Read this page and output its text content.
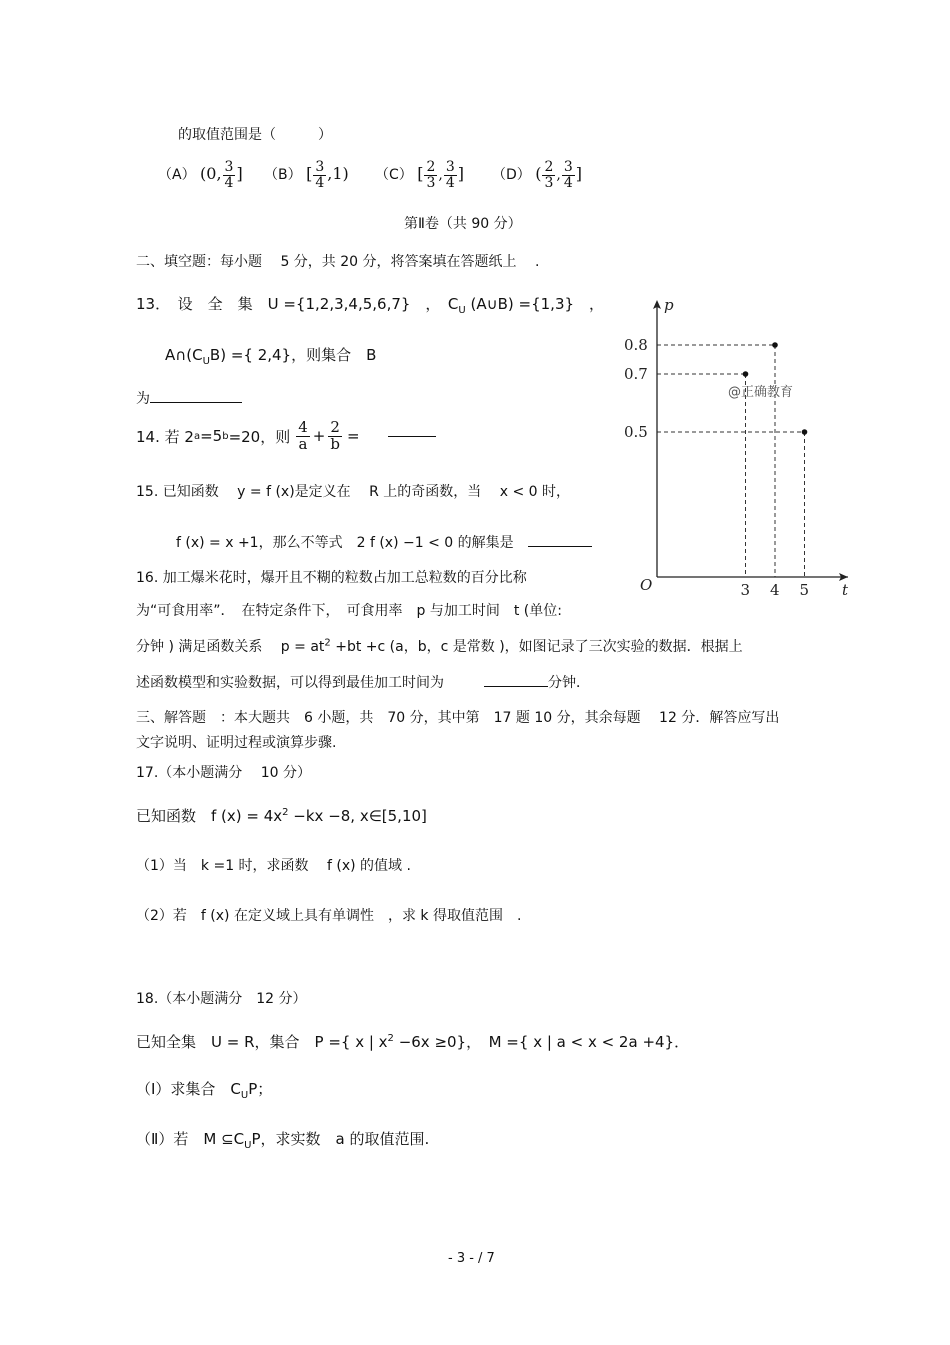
的取值范围是（　　　）
（A） (0, $\frac{3}{4}$ ] （B） [ $\frac{3}{4} ,1$) （C） [ $\frac{2}{3}$ , $\frac{3}{4}$ ] （D） ( $\frac{2}{3}$ , $\frac{3}{4}$ ]
第Ⅱ卷（共 90 分）
二、填空题：每小题　 5 分，共 20 分，将答案填在答题纸上　 .
13．　设　全　集　U ={1,2,3,4,5,6,7}　，　$C_U$ (A∪B) ={1,3}　，
$A\cap(C_UB)$ ={ 2,4}，则集合　B
为
14. 若 2 a =5 b =20，则 $\frac{4}{a} + \frac{2}{b}$ =
15. 已知函数　 y = f (x)是定义在　 R 上的奇函数，当　 x < 0 时，
f (x) = x +1，那么不等式　2 f (x) −1 < 0 的解集是
16. 加工爆米花时，爆开且不糊的粒数占加工总粒数的百分比称
为“可食用率”．　在特定条件下，　可食用率　p 与加工时间　t (单位:
分钟 ) 满足函数关系　 $p = at^2 +bt +c$ (a，b，c 是常数 )，如图记录了三次实验的数据．根据上
述函数模型和实验数据，可以得到最佳加工时间为	分钟．
三、解答题　：本大题共　6 小题，共　70 分，其中第　17 题 10 分，其余每题　 12 分．解答应写出
文字说明、证明过程或演算步骤.
17.（本小题满分　 10 分）
已知函数　f $(x) = 4x^2 -kx -8$, x∈[5,10]
（1）当　k =1 时，求函数　 f (x) 的值域 .
（2）若　f (x) 在定义域上具有单调性　，求 k 得取值范围　.
18.（本小题满分　12 分）
已知全集　U = R，集合　P ={ x | $x^2 -6x \ge 0$}，　M ={ x | a < x < 2a +4}．
（Ⅰ）求集合　$C_UP$；
（Ⅱ）若　M $⊆C_UP$，求实数　a 的取值范围.
t
p
O	3 4 5
0.5
0.7
0.8
@正确教育
- 3 - / 7
